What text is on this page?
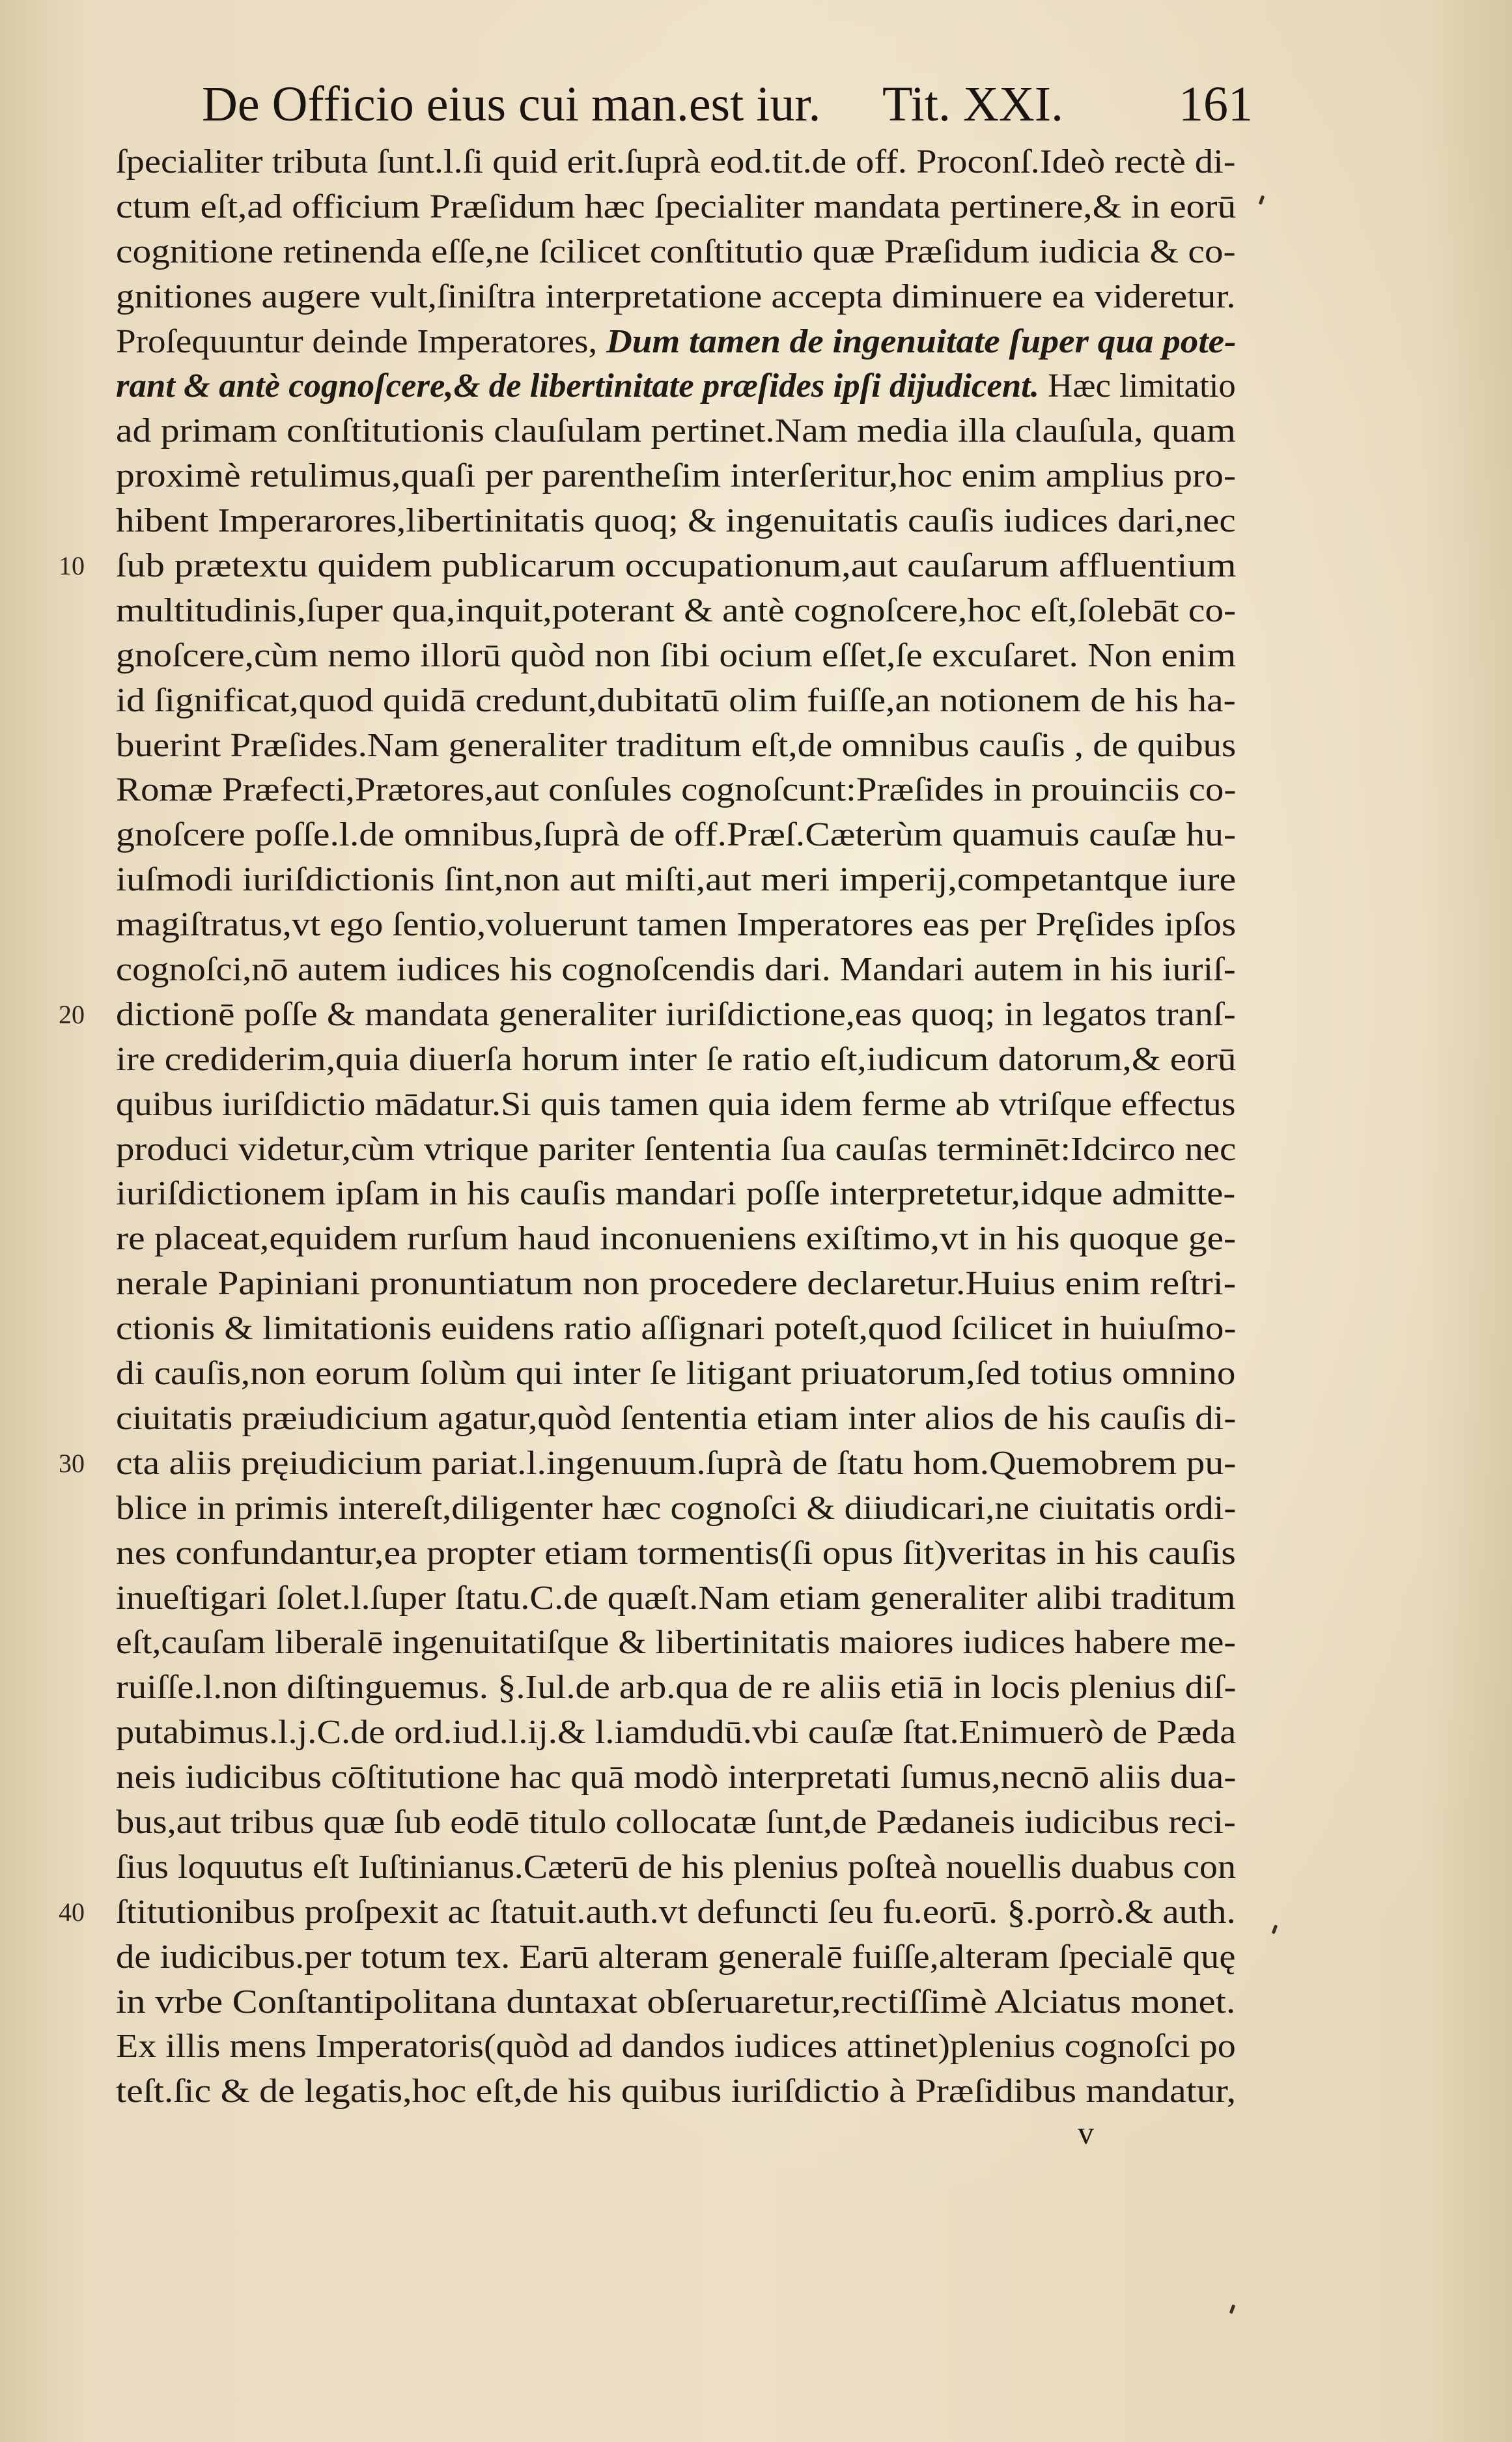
De Officio eius cui man.est iur. Tit. XXI. 161
ſpecialiter tributa ſunt.l.ſi quid erit.ſuprà eod.tit.de off. Proconſ.Ideò rectè di-
ctum eſt,ad officium Præſidum hæc ſpecialiter mandata pertinere,& in eorū
cognitione retinenda eſſe,ne ſcilicet conſtitutio quæ Præſidum iudicia & co-
gnitiones augere vult,ſiniſtra interpretatione accepta diminuere ea videretur.
Proſequuntur deinde Imperatores, Dum tamen de ingenuitate ſuper qua pote-
rant & antè cognoſcere,& de libertinitate præſides ipſi dijudicent. Hæc limitatio
ad primam conſtitutionis clauſulam pertinet.Nam media illa clauſula, quam
proximè retulimus,quaſi per parentheſim interſeritur,hoc enim amplius pro-
hibent Imperarores,libertinitatis quoq; & ingenuitatis cauſis iudices dari,nec
10 ſub prætextu quidem publicarum occupationum,aut cauſarum affluentium
multitudinis,ſuper qua,inquit,poterant & antè cognoſcere,hoc eſt,ſolebāt co-
gnoſcere,cùm nemo illorū quòd non ſibi ocium eſſet,ſe excuſaret. Non enim
id ſignificat,quod quidā credunt,dubitatū olim fuiſſe,an notionem de his ha-
buerint Præſides.Nam generaliter traditum eſt,de omnibus cauſis , de quibus
Romæ Præfecti,Prætores,aut conſules cognoſcunt:Præſides in prouinciis co-
gnoſcere poſſe.l.de omnibus,ſuprà de off.Præſ.Cæterùm quamuis cauſæ hu-
iuſmodi iuriſdictionis ſint,non aut miſti,aut meri imperij,competantque iure
magiſtratus,vt ego ſentio,voluerunt tamen Imperatores eas per Pręſides ipſos
cognoſci,nō autem iudices his cognoſcendis dari. Mandari autem in his iuriſ-
20 dictionē poſſe & mandata generaliter iuriſdictione,eas quoq; in legatos tranſ-
ire crediderim,quia diuerſa horum inter ſe ratio eſt,iudicum datorum,& eorū
quibus iuriſdictio mādatur.Si quis tamen quia idem ferme ab vtriſque effectus
produci videtur,cùm vtrique pariter ſententia ſua cauſas terminēt:Idcirco nec
iuriſdictionem ipſam in his cauſis mandari poſſe interpretetur,idque admitte-
re placeat,equidem rurſum haud inconueniens exiſtimo,vt in his quoque ge-
nerale Papiniani pronuntiatum non procedere declaretur.Huius enim reſtri-
ctionis & limitationis euidens ratio aſſignari poteſt,quod ſcilicet in huiuſmo-
di cauſis,non eorum ſolùm qui inter ſe litigant priuatorum,ſed totius omnino
ciuitatis præiudicium agatur,quòd ſententia etiam inter alios de his cauſis di-
30 cta aliis pręiudicium pariat.l.ingenuum.ſuprà de ſtatu hom.Quemobrem pu-
blice in primis intereſt,diligenter hæc cognoſci & diiudicari,ne ciuitatis ordi-
nes confundantur,ea propter etiam tormentis(ſi opus ſit)veritas in his cauſis
inueſtigari ſolet.l.ſuper ſtatu.C.de quæſt.Nam etiam generaliter alibi traditum
eſt,cauſam liberalē ingenuitatiſque & libertinitatis maiores iudices habere me-
ruiſſe.l.non diſtinguemus. §.Iul.de arb.qua de re aliis etiā in locis plenius diſ-
putabimus.l.j.C.de ord.iud.l.ij.& l.iamdudū.vbi cauſæ ſtat.Enimuerò de Pæda
neis iudicibus cōſtitutione hac quā modò interpretati ſumus,necnō aliis dua-
bus,aut tribus quæ ſub eodē titulo collocatæ ſunt,de Pædaneis iudicibus reci-
ſius loquutus eſt Iuſtinianus.Cæterū de his plenius poſteà nouellis duabus con
40 ſtitutionibus proſpexit ac ſtatuit.auth.vt defuncti ſeu fu.eorū. §.porrò.& auth.
de iudicibus.per totum tex. Earū alteram generalē fuiſſe,alteram ſpecialē quę
in vrbe Conſtantipolitana duntaxat obſeruaretur,rectiſſimè Alciatus monet.
Ex illis mens Imperatoris(quòd ad dandos iudices attinet)plenius cognoſci po
teſt.ſic & de legatis,hoc eſt,de his quibus iuriſdictio à Præſidibus mandatur,
v
